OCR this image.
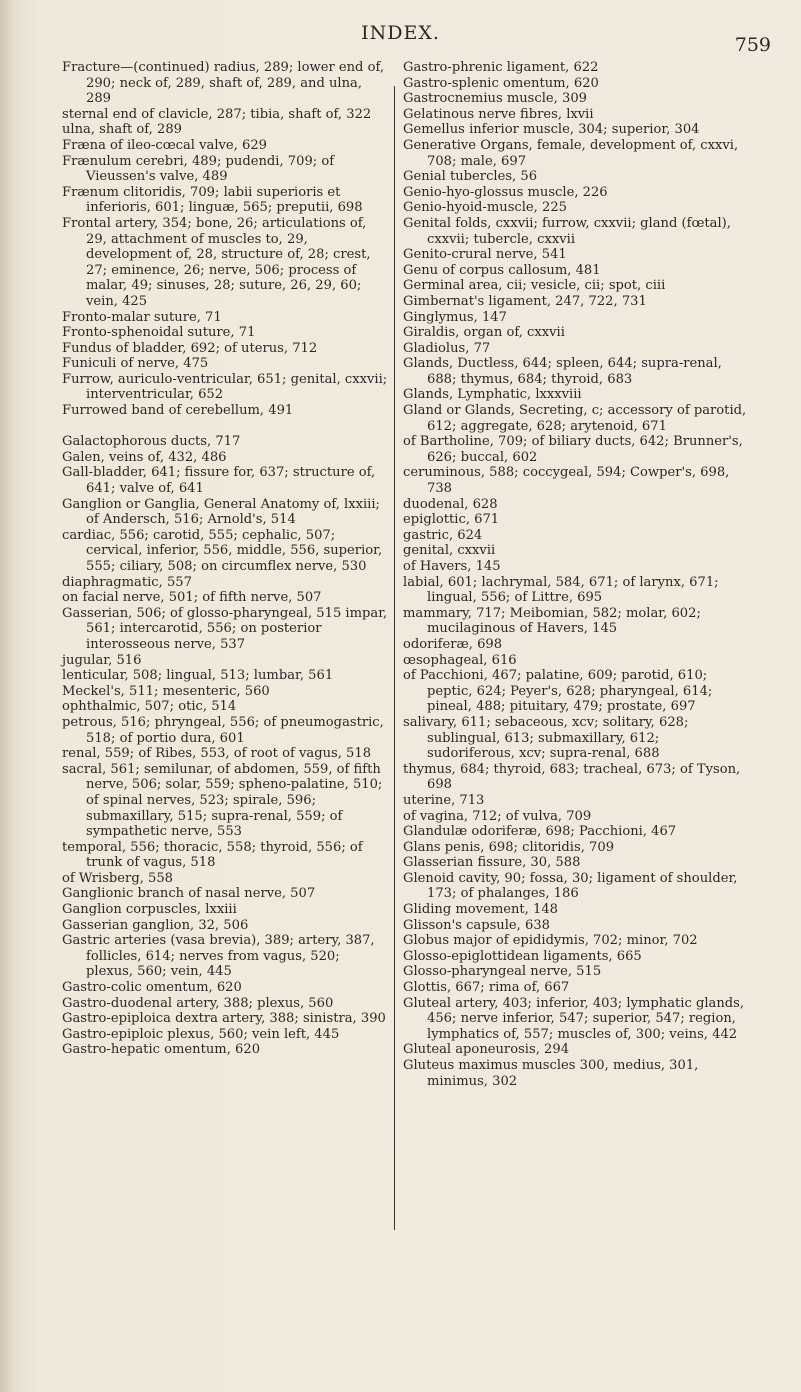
INDEX.
759

Fracture—(continued) radius, 289; lower end of, 290; neck of, 289, shaft of, 289, and ulna, 289

sternal end of clavicle, 287; tibia, shaft of, 322

ulna, shaft of, 289

Fræna of ileo-cœcal valve, 629

Frænulum cerebri, 489; pudendi, 709; of Vieussen's valve, 489

Frænum clitoridis, 709; labii superioris et inferioris, 601; linguæ, 565; preputii, 698

Frontal artery, 354; bone, 26; articulations of, 29, attachment of muscles to, 29, development of, 28, structure of, 28; crest, 27; eminence, 26; nerve, 506; process of malar, 49; sinuses, 28; suture, 26, 29, 60; vein, 425

Fronto-malar suture, 71

Fronto-sphenoidal suture, 71

Fundus of bladder, 692; of uterus, 712

Funiculi of nerve, 475

Furrow, auriculo-ventricular, 651; genital, cxxvii; interventricular, 652

Furrowed band of cerebellum, 491

Galactophorous ducts, 717

Galen, veins of, 432, 486

Gall-bladder, 641; fissure for, 637; structure of, 641; valve of, 641

Ganglion or Ganglia, General Anatomy of, lxxiii; of Andersch, 516; Arnold's, 514

cardiac, 556; carotid, 555; cephalic, 507; cervical, inferior, 556, middle, 556, superior, 555; ciliary, 508; on circumflex nerve, 530

diaphragmatic, 557

on facial nerve, 501; of fifth nerve, 507

Gasserian, 506; of glosso-pharyngeal, 515 impar, 561; intercarotid, 556; on posterior interosseous nerve, 537

jugular, 516

lenticular, 508; lingual, 513; lumbar, 561

Meckel's, 511; mesenteric, 560

ophthalmic, 507; otic, 514

petrous, 516; phryngeal, 556; of pneumogastric, 518; of portio dura, 601

renal, 559; of Ribes, 553, of root of vagus, 518

sacral, 561; semilunar, of abdomen, 559, of fifth nerve, 506; solar, 559; spheno-palatine, 510; of spinal nerves, 523; spirale, 596; submaxillary, 515; supra-renal, 559; of sympathetic nerve, 553

temporal, 556; thoracic, 558; thyroid, 556; of trunk of vagus, 518

of Wrisberg, 558

Ganglionic branch of nasal nerve, 507

Ganglion corpuscles, lxxiii

Gasserian ganglion, 32, 506

Gastric arteries (vasa brevia), 389; artery, 387, follicles, 614; nerves from vagus, 520; plexus, 560; vein, 445

Gastro-colic omentum, 620

Gastro-duodenal artery, 388; plexus, 560

Gastro-epiploica dextra artery, 388; sinistra, 390

Gastro-epiploic plexus, 560; vein left, 445

Gastro-hepatic omentum, 620

Gastro-phrenic ligament, 622

Gastro-splenic omentum, 620

Gastrocnemius muscle, 309

Gelatinous nerve fibres, lxvii

Gemellus inferior muscle, 304; superior, 304

Generative Organs, female, development of, cxxvi, 708; male, 697

Genial tubercles, 56

Genio-hyo-glossus muscle, 226

Genio-hyoid-muscle, 225

Genital folds, cxxvii; furrow, cxxvii; gland (fœtal), cxxvii; tubercle, cxxvii

Genito-crural nerve, 541

Genu of corpus callosum, 481

Germinal area, cii; vesicle, cii; spot, ciii

Gimbernat's ligament, 247, 722, 731

Ginglymus, 147

Giraldis, organ of, cxxvii

Gladiolus, 77

Glands, Ductless, 644; spleen, 644; supra-renal, 688; thymus, 684; thyroid, 683

Glands, Lymphatic, lxxxviii

Gland or Glands, Secreting, c; accessory of parotid, 612; aggregate, 628; arytenoid, 671

of Bartholine, 709; of biliary ducts, 642; Brunner's, 626; buccal, 602

ceruminous, 588; coccygeal, 594; Cowper's, 698, 738

duodenal, 628

epiglottic, 671

gastric, 624

genital, cxxvii

of Havers, 145

labial, 601; lachrymal, 584, 671; of larynx, 671; lingual, 556; of Littre, 695

mammary, 717; Meibomian, 582; molar, 602; mucilaginous of Havers, 145

odoriferæ, 698

œsophageal, 616

of Pacchioni, 467; palatine, 609; parotid, 610; peptic, 624; Peyer's, 628; pharyngeal, 614; pineal, 488; pituitary, 479; prostate, 697

salivary, 611; sebaceous, xcv; solitary, 628; sublingual, 613; submaxillary, 612; sudoriferous, xcv; supra-renal, 688

thymus, 684; thyroid, 683; tracheal, 673; of Tyson, 698

uterine, 713

of vagina, 712; of vulva, 709

Glandulæ odoriferæ, 698; Pacchioni, 467

Glans penis, 698; clitoridis, 709

Glasserian fissure, 30, 588

Glenoid cavity, 90; fossa, 30; ligament of shoulder, 173; of phalanges, 186

Gliding movement, 148

Glisson's capsule, 638

Globus major of epididymis, 702; minor, 702

Glosso-epiglottidean ligaments, 665

Glosso-pharyngeal nerve, 515

Glottis, 667; rima of, 667

Gluteal artery, 403; inferior, 403; lymphatic glands, 456; nerve inferior, 547; superior, 547; region, lymphatics of, 557; muscles of, 300; veins, 442

Gluteal aponeurosis, 294

Gluteus maximus muscles 300, medius, 301, minimus, 302
